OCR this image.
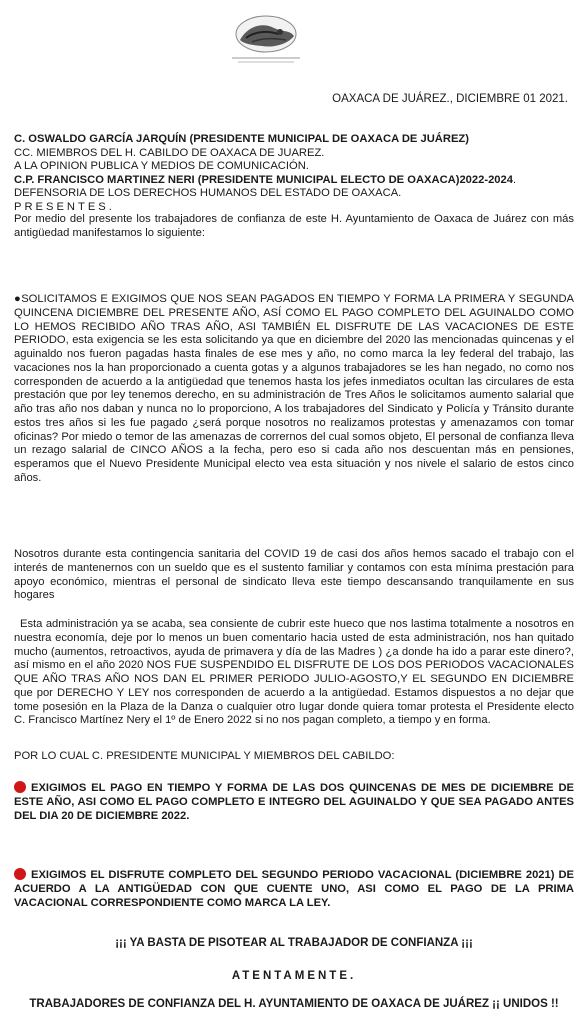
OAXACA DE JUÁREZ., DICIEMBRE 01 2021.
C. OSWALDO GARCÍA JARQUÍN (PRESIDENTE MUNICIPAL DE OAXACA DE JUÁREZ)
CC. MIEMBROS DEL H. CABILDO DE OAXACA DE JUAREZ.
A LA OPINION PUBLICA Y MEDIOS DE COMUNICACIÓN.
C.P. FRANCISCO MARTINEZ NERI (PRESIDENTE MUNICIPAL ELECTO DE OAXACA)2022-2024.
DEFENSORIA DE LOS DERECHOS HUMANOS DEL ESTADO DE OAXACA.
PRESENTES.

Por medio del presente los trabajadores de confianza de este H. Ayuntamiento de Oaxaca de Juárez con más antigüedad manifestamos lo siguiente:

●SOLICITAMOS E EXIGIMOS QUE NOS SEAN PAGADOS EN TIEMPO Y FORMA LA PRIMERA Y SEGUNDA QUINCENA DICIEMBRE DEL PRESENTE AÑO, ASÍ COMO EL PAGO COMPLETO DEL AGUINALDO COMO LO HEMOS RECIBIDO AÑO TRAS AÑO, ASI TAMBIÉN EL DISFRUTE DE LAS VACACIONES DE ESTE PERIODO, esta exigencia se les esta solicitando ya que en diciembre del 2020 las mencionadas quincenas y el aguinaldo nos fueron pagadas hasta finales de ese mes y año, no como marca la ley federal del trabajo, las vacaciones nos la han proporcionado a cuenta gotas y a algunos trabajadores se les han negado, no como nos corresponden de acuerdo a la antigüedad que tenemos hasta los jefes inmediatos ocultan las circulares de esta prestación que por ley tenemos derecho, en su administración de Tres Años le solicitamos aumento salarial que año tras año nos daban y nunca no lo proporciono, A los trabajadores del Sindicato y Policía y Tránsito durante estos tres años si les fue pagado ¿será porque nosotros no realizamos protestas y amenazamos con tomar oficinas? Por miedo o temor de las amenazas de corrernos del cual somos objeto, El personal de confianza lleva un rezago salarial de CINCO AÑOS a la fecha, pero eso si cada año nos descuentan más en pensiones, esperamos que el Nuevo Presidente Municipal electo vea esta situación y nos nivele el salario de estos cinco años.

Nosotros durante esta contingencia sanitaria del COVID 19 de casi dos años hemos sacado el trabajo con el interés de mantenernos con un sueldo que es el sustento familiar y contamos con esta mínima prestación para apoyo económico, mientras el personal de sindicato lleva este tiempo descansando tranquilamente en sus hogares

Esta administración ya se acaba, sea consiente de cubrir este hueco que nos lastima totalmente a nosotros en nuestra economía, deje por lo menos un buen comentario hacia usted de esta administración, nos han quitado mucho (aumentos, retroactivos, ayuda de primavera y día de las Madres ) ¿a donde ha ido a parar este dinero?, así mismo en el año 2020 NOS FUE SUSPENDIDO EL DISFRUTE DE LOS DOS PERIODOS VACACIONALES QUE AÑO TRAS AÑO NOS DAN EL PRIMER PERIODO JULIO-AGOSTO,Y EL SEGUNDO EN DICIEMBRE que por DERECHO Y LEY nos corresponden de acuerdo a la antigüedad. Estamos dispuestos a no dejar que tome posesión en la Plaza de la Danza o cualquier otro lugar donde quiera tomar protesta el Presidente electo C. Francisco Martínez Nery el 1º de Enero 2022 si no nos pagan completo, a tiempo y en forma.

POR LO CUAL C. PRESIDENTE MUNICIPAL Y MIEMBROS DEL CABILDO:

EXIGIMOS EL PAGO EN TIEMPO Y FORMA DE LAS DOS QUINCENAS DE MES DE DICIEMBRE DE ESTE AÑO, ASI COMO EL PAGO COMPLETO E INTEGRO DEL AGUINALDO Y QUE SEA PAGADO ANTES DEL DIA 20 DE DICIEMBRE 2022.

EXIGIMOS EL DISFRUTE COMPLETO DEL SEGUNDO PERIODO VACACIONAL (DICIEMBRE 2021) DE ACUERDO A LA ANTIGÜEDAD CON QUE CUENTE UNO, ASI COMO EL PAGO DE LA PRIMA VACACIONAL CORRESPONDIENTE COMO MARCA LA LEY.

¡¡¡ YA BASTA DE PISOTEAR AL TRABAJADOR DE CONFIANZA ¡¡¡
ATENTAMENTE.
TRABAJADORES DE CONFIANZA DEL H. AYUNTAMIENTO DE OAXACA DE JUÁREZ ¡¡ UNIDOS !!
